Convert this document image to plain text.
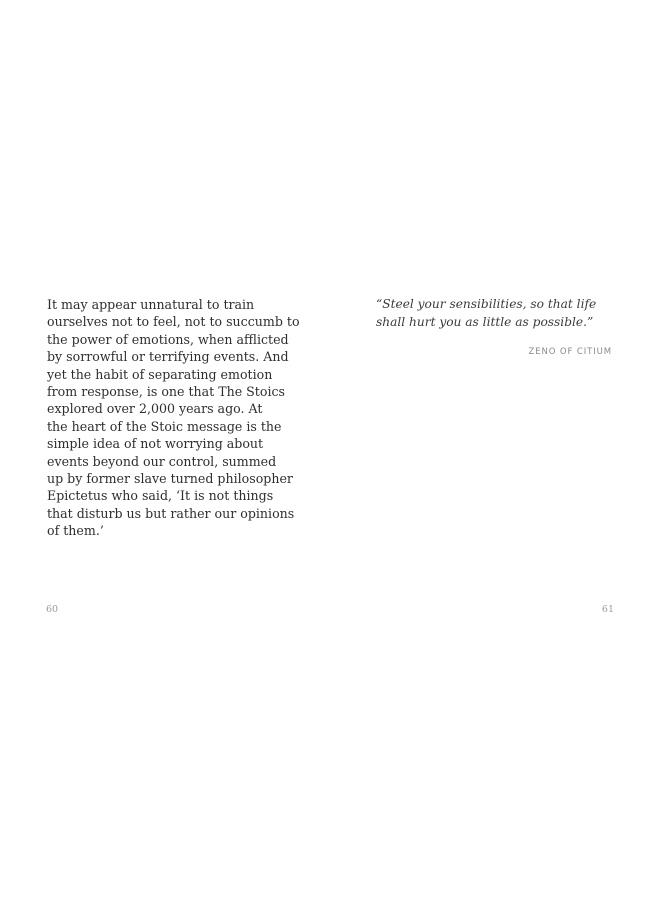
It may appear unnatural to train
ourselves not to feel, not to succumb to
the power of emotions, when afflicted
by sorrowful or terrifying events. And
yet the habit of separating emotion
from response, is one that The Stoics
explored over 2,000 years ago. At
the heart of the Stoic message is the
simple idea of not worrying about
events beyond our control, summed
up by former slave turned philosopher
Epictetus who said, ‘It is not things
that disturb us but rather our opinions
of them.’

60

“Steel your sensibilities, so that life
shall hurt you as little as possible.”

ZENO OF CITIUM
61
